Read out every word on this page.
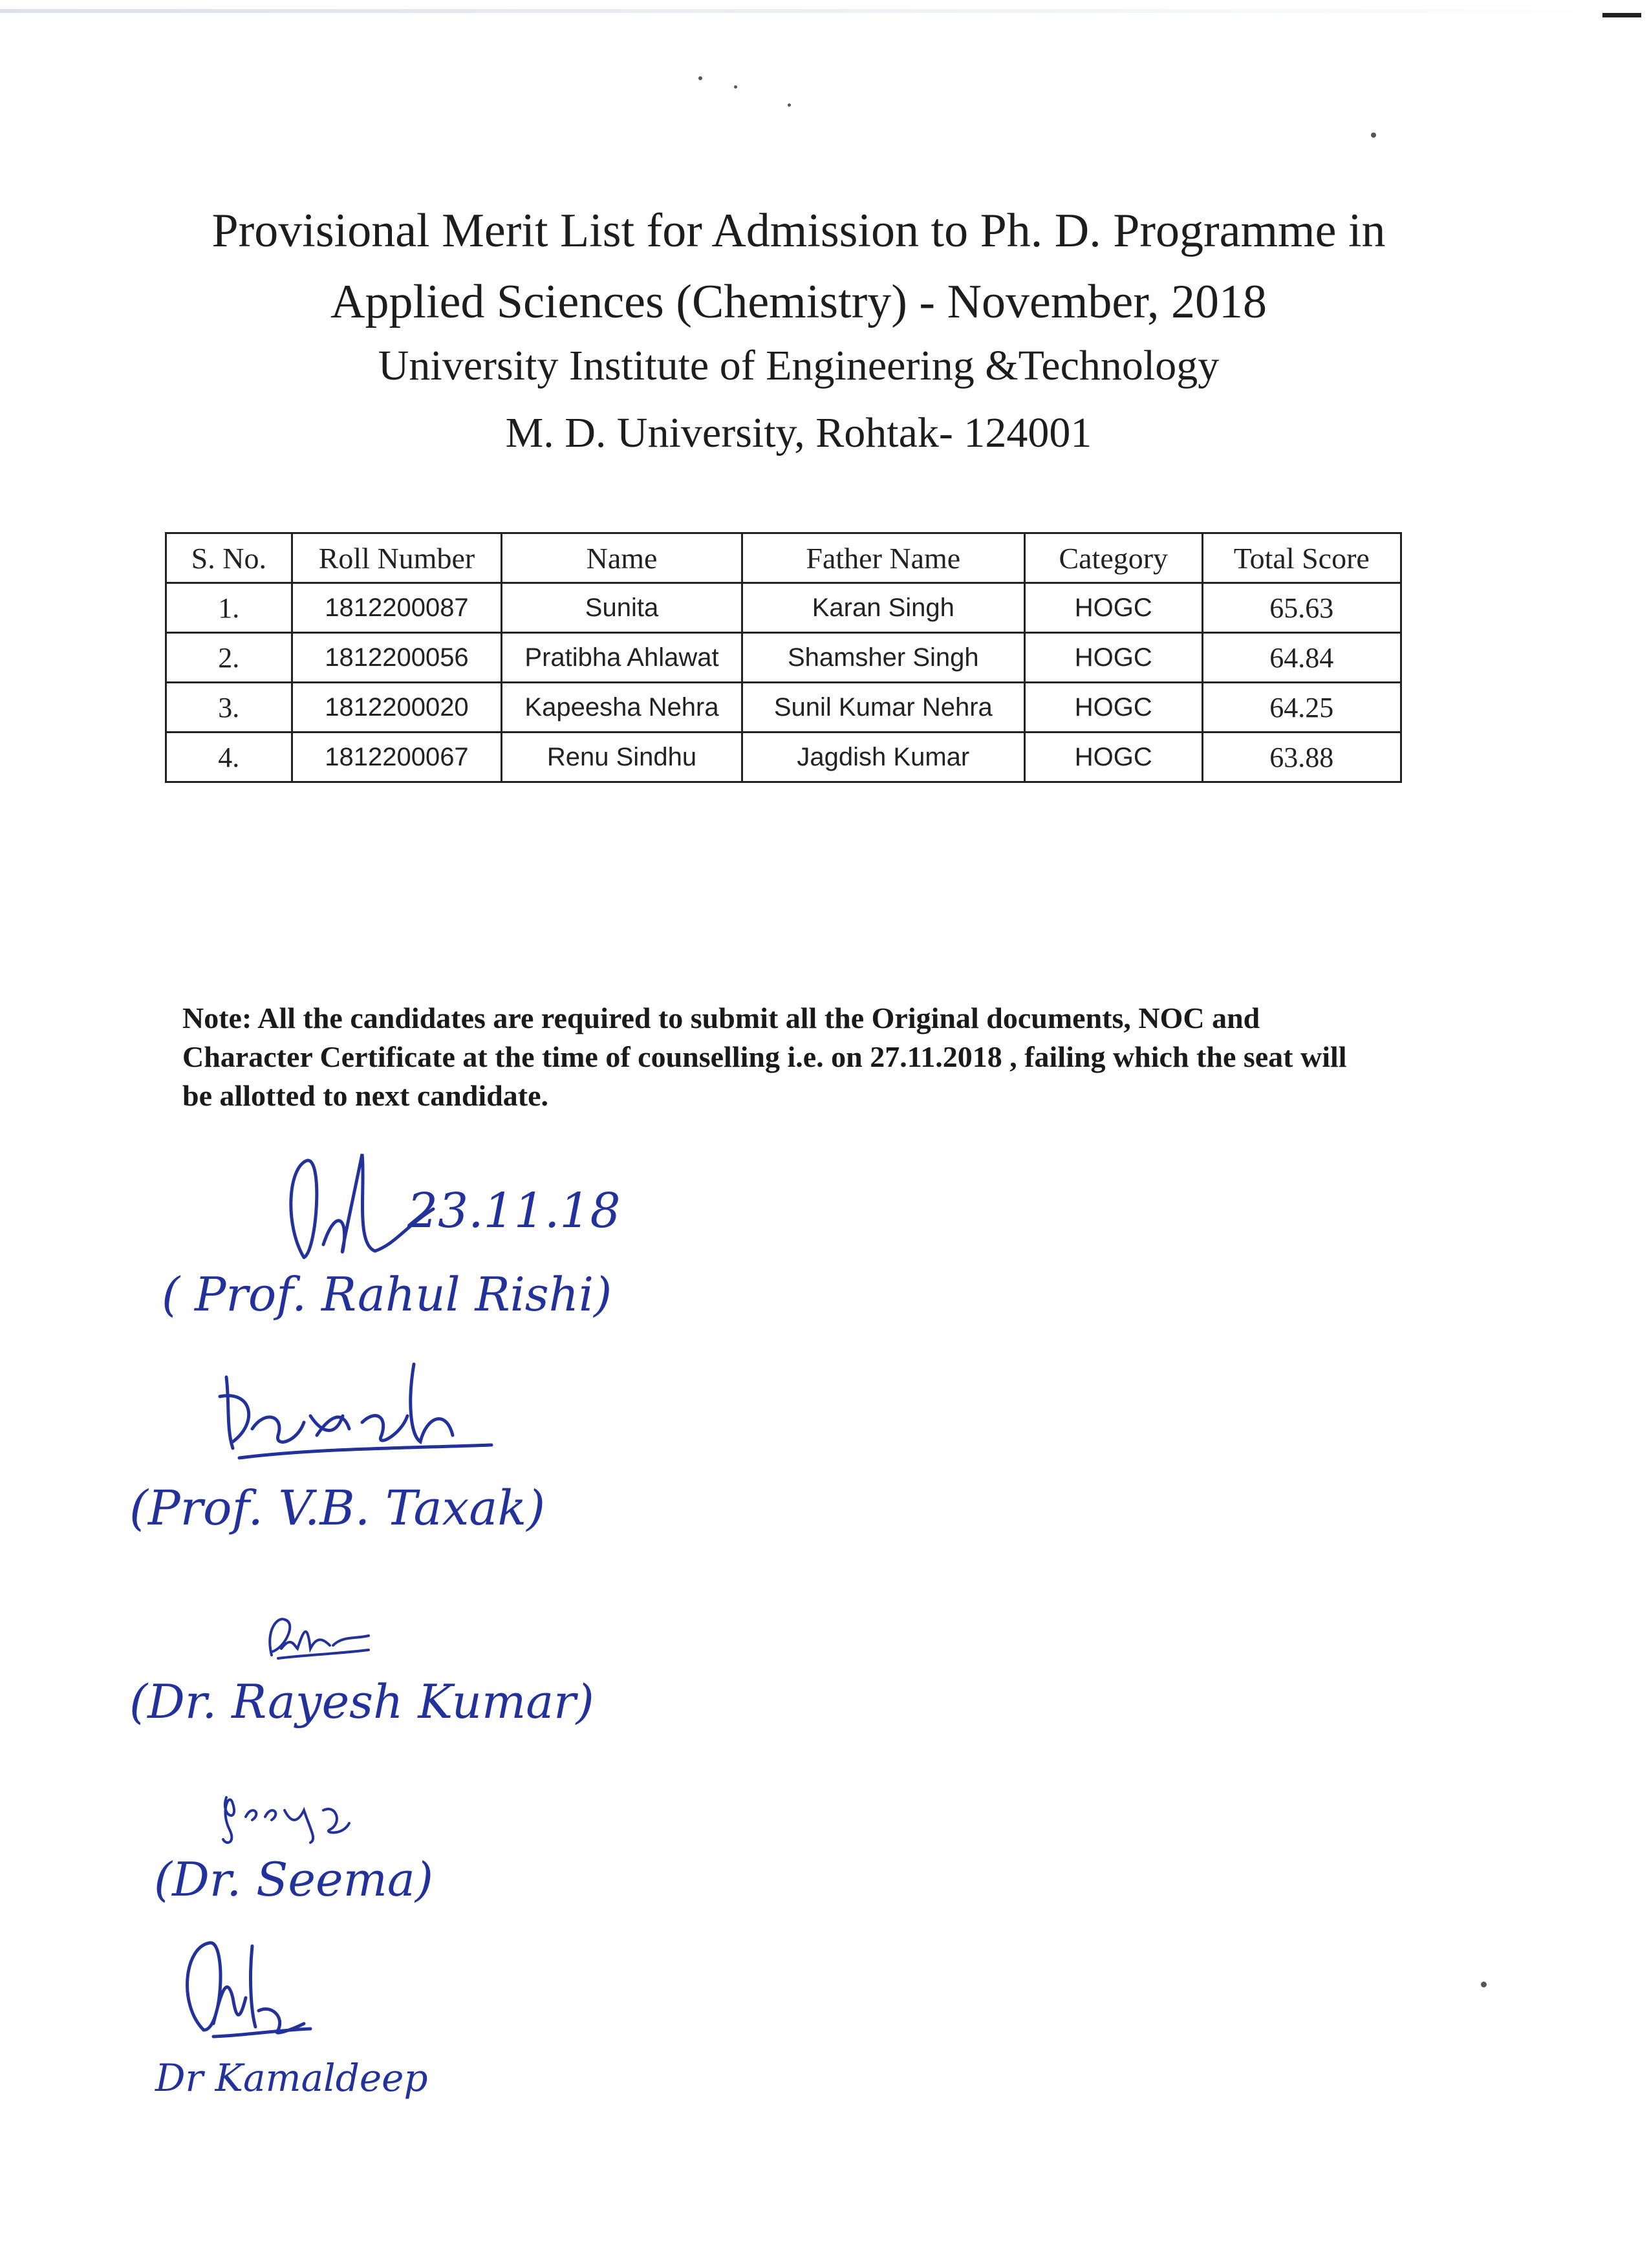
Provisional Merit List for Admission to Ph. D. Programme in
Applied Sciences (Chemistry) - November, 2018
University Institute of Engineering &Technology
M. D. University, Rohtak- 124001
S. No.	Roll Number	Name	Father Name	Category	Total Score
1.	1812200087	Sunita	Karan Singh	HOGC	65.63
2.	1812200056	Pratibha Ahlawat	Shamsher Singh	HOGC	64.84
3.	1812200020	Kapeesha Nehra	Sunil Kumar Nehra	HOGC	64.25
4.	1812200067	Renu Sindhu	Jagdish Kumar	HOGC	63.88
Note: All the candidates are required to submit all the Original documents, NOC and Character Certificate at the time of counselling i.e. on 27.11.2018 , failing which the seat will be allotted to next candidate.
23.11.18
( Prof. Rahul Rishi)
(Prof. V.B. Taxak)
(Dr. Rayesh Kumar)
(Dr. Seema)
Dr Kamaldeep
